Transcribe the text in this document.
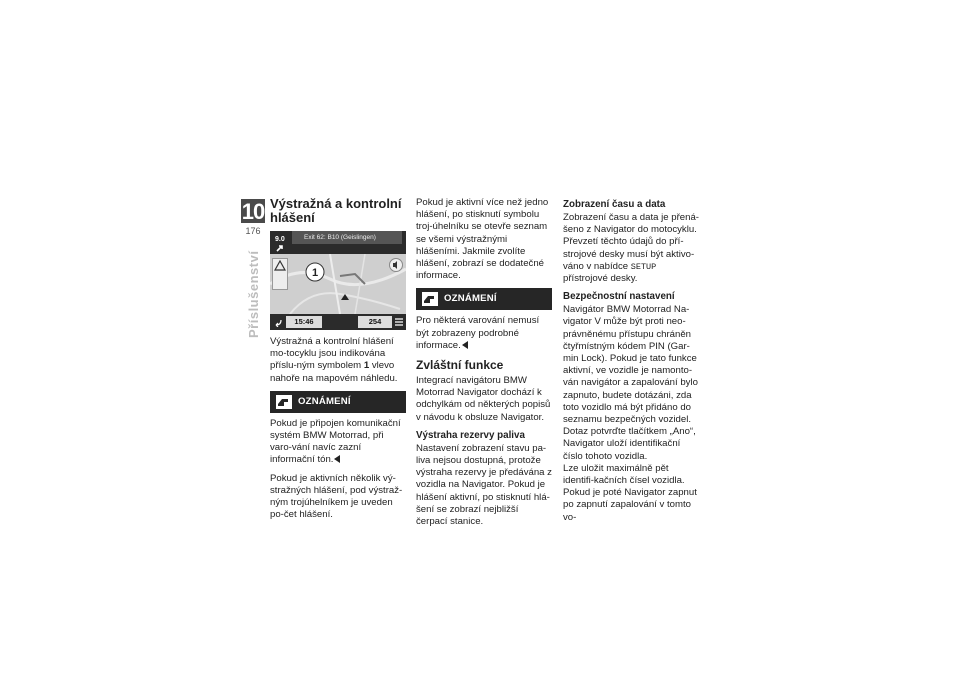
10
176
Příslušenství
Výstražná a kontrolní hlášení
9.0	Exit 62: B10 (Geislingen)
1
15:46	254

Výstražná a kontrolní hlášení mo-tocyklu jsou indikována příslu-ným symbolem 1 vlevo nahoře na mapovém náhledu.

OZNÁMENÍ

Pokud je připojen komunikační systém BMW Motorrad, při varo-vání navíc zazní informační tón.

Pokud je aktivních několik vý-stražných hlášení, pod výstraž-ným trojúhelníkem je uveden po-čet hlášení.

Pokud je aktivní více než jedno hlášení, po stisknutí symbolu troj-úhelníku se otevře seznam se všemi výstražnými hlášeními. Jakmile zvolíte hlášení, zobrazí se dodatečné informace.

OZNÁMENÍ

Pro některá varování nemusí být zobrazeny podrobné informace.

Zvláštní funkce

Integrací navigátoru BMW Motorrad Navigator dochází k odchylkám od některých popisů v návodu k obsluze Navigator.

Výstraha rezervy paliva

Nastavení zobrazení stavu pa-liva nejsou dostupná, protože výstraha rezervy je předávána z vozidla na Navigator. Pokud je hlášení aktivní, po stisknutí hlá-šení se zobrazí nejbližší čerpací stanice.

Zobrazení času a data

Zobrazení času a data je přená-šeno z Navigator do motocyklu. Převzetí těchto údajů do pří-strojové desky musí být aktivo-váno v nabídce SETUP přístrojové desky.

Bezpečnostní nastavení

Navigátor BMW Motorrad Na-vigator V může být proti neo-právněnému přístupu chráněn čtyřmístným kódem PIN (Gar-min Lock). Pokud je tato funkce aktivní, ve vozidle je namonto-ván navigátor a zapalování bylo zapnuto, budete dotázáni, zda toto vozidlo má být přidáno do seznamu bezpečných vozidel. Dotaz potvrďte tlačítkem „Ano“, Navigator uloží identifikační číslo tohoto vozidla.

Lze uložit maximálně pět identifi-kačních čísel vozidla.

Pokud je poté Navigator zapnut po zapnutí zapalování v tomto vo-
